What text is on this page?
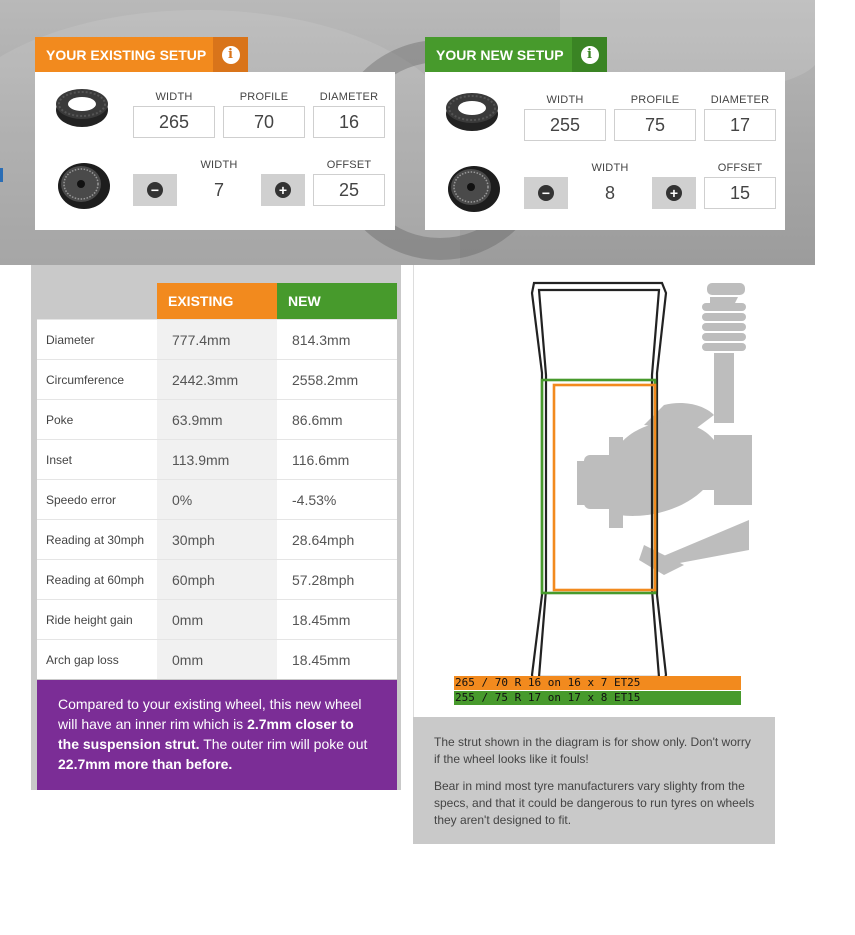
YOUR EXISTING SETUP	i
WIDTH	PROFILE	DIAMETER
265	70	16
WIDTH	OFFSET
−	7	+	25
YOUR NEW SETUP	i
WIDTH	PROFILE	DIAMETER
255	75	17
WIDTH	OFFSET
−	8	+	15
EXISTING	NEW
Diameter	777.4mm	814.3mm
Circumference	2442.3mm	2558.2mm
Poke	63.9mm	86.6mm
Inset	113.9mm	116.6mm
Speedo error	0%	-4.53%
Reading at 30mph	30mph	28.64mph
Reading at 60mph	60mph	57.28mph
Ride height gain	0mm	18.45mm
Arch gap loss	0mm	18.45mm
Compared to your existing wheel, this new wheel will have an inner rim which is 2.7mm closer to the suspension strut. The outer rim will poke out 22.7mm more than before.
265 / 70 R 16 on 16 x 7 ET25
255 / 75 R 17 on 17 x 8 ET15

The strut shown in the diagram is for show only. Don't worry if the wheel looks like it fouls!

Bear in mind most tyre manufacturers vary slighty from the specs, and that it could be dangerous to run tyres on wheels they aren't designed to fit.
